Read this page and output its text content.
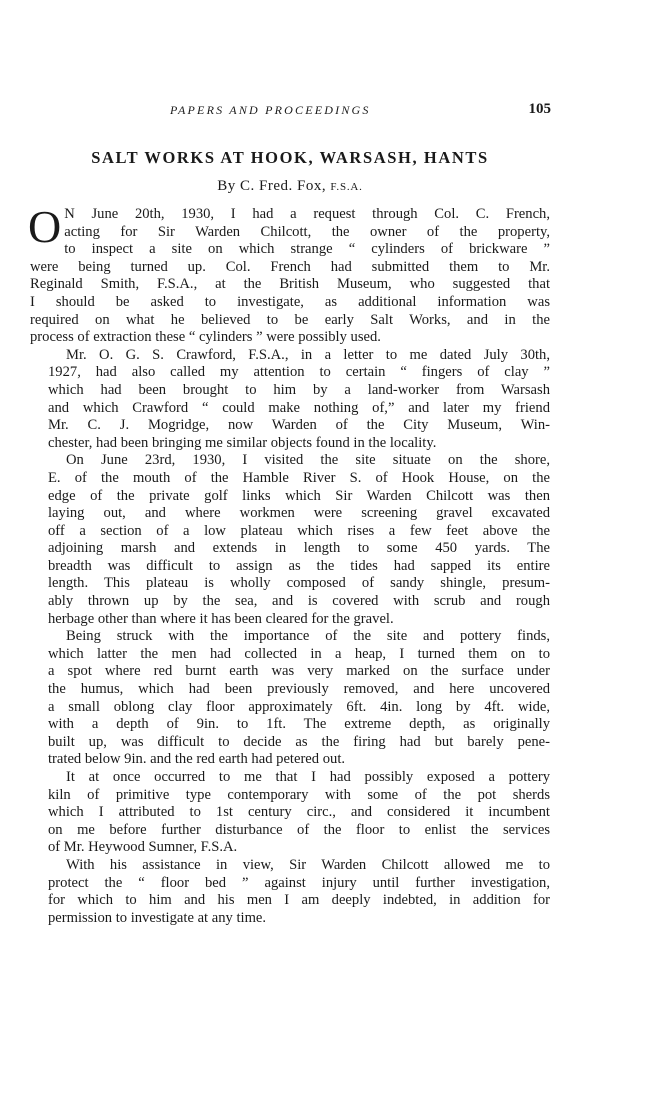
PAPERS AND PROCEEDINGS	105
SALT WORKS AT HOOK, WARSASH, HANTS
By C. Fred. Fox, F.S.A.

O N June 20th, 1930, I had a request through Col. C. French,
acting for Sir Warden Chilcott, the owner of the property,
to inspect a site on which strange “ cylinders of brickware ”
were being turned up. Col. French had submitted them to Mr.
Reginald Smith, F.S.A., at the British Museum, who suggested that
I should be asked to investigate, as additional information was
required on what he believed to be early Salt Works, and in the
process of extraction these “ cylinders ” were possibly used.

Mr. O. G. S. Crawford, F.S.A., in a letter to me dated July 30th,
1927, had also called my attention to certain “ fingers of clay ”
which had been brought to him by a land-worker from Warsash
and which Crawford “ could make nothing of,” and later my friend
Mr. C. J. Mogridge, now Warden of the City Museum, Win-
chester, had been bringing me similar objects found in the locality.

On June 23rd, 1930, I visited the site situate on the shore,
E. of the mouth of the Hamble River S. of Hook House, on the
edge of the private golf links which Sir Warden Chilcott was then
laying out, and where workmen were screening gravel excavated
off a section of a low plateau which rises a few feet above the
adjoining marsh and extends in length to some 450 yards. The
breadth was difficult to assign as the tides had sapped its entire
length. This plateau is wholly composed of sandy shingle, presum-
ably thrown up by the sea, and is covered with scrub and rough
herbage other than where it has been cleared for the gravel.

Being struck with the importance of the site and pottery finds,
which latter the men had collected in a heap, I turned them on to
a spot where red burnt earth was very marked on the surface under
the humus, which had been previously removed, and here uncovered
a small oblong clay floor approximately 6ft. 4in. long by 4ft. wide,
with a depth of 9in. to 1ft. The extreme depth, as originally
built up, was difficult to decide as the firing had but barely pene-
trated below 9in. and the red earth had petered out.

It at once occurred to me that I had possibly exposed a pottery
kiln of primitive type contemporary with some of the pot sherds
which I attributed to 1st century circ., and considered it incumbent
on me before further disturbance of the floor to enlist the services
of Mr. Heywood Sumner, F.S.A.

With his assistance in view, Sir Warden Chilcott allowed me to
protect the “ floor bed ” against injury until further investigation,
for which to him and his men I am deeply indebted, in addition for
permission to investigate at any time.
